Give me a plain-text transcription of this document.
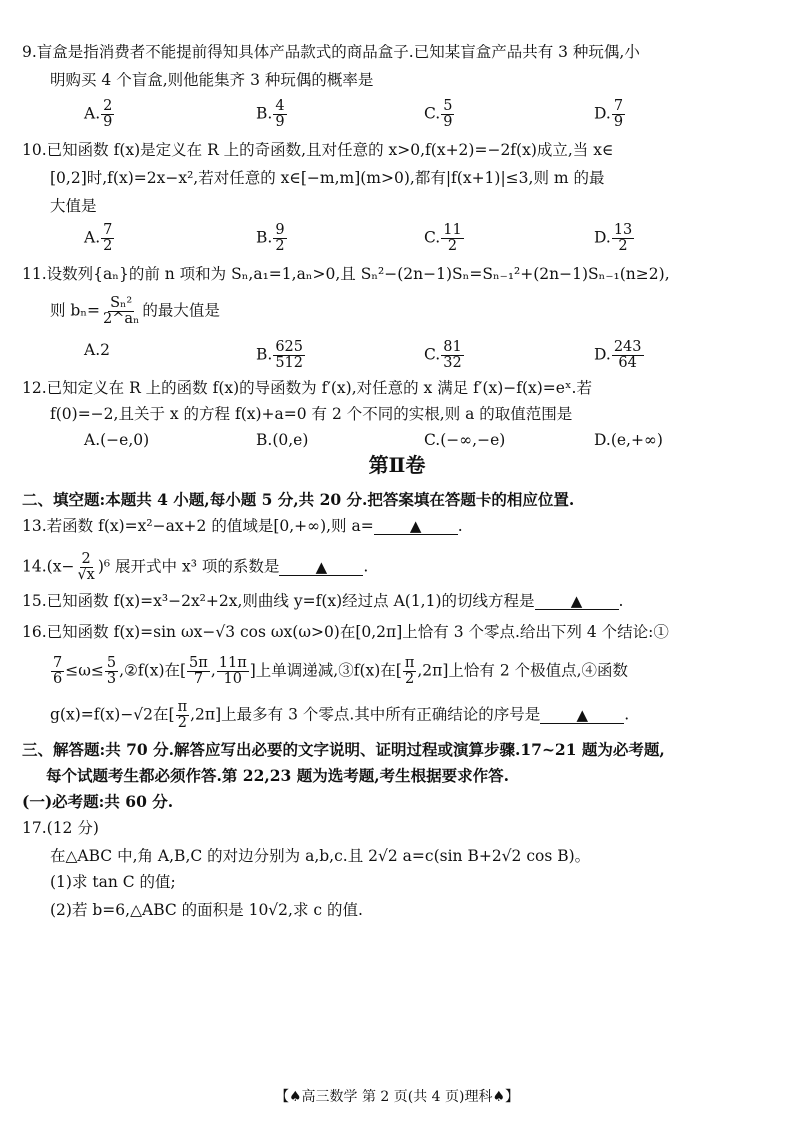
9.盲盒是指消费者不能提前得知具体产品款式的商品盒子.已知某盲盒产品共有 3 种玩偶,小
明购买 4 个盲盒,则他能集齐 3 种玩偶的概率是
A. $\frac{2}{9}$	B. $\frac{4}{9}$	C. $\frac{5}{9}$	D. $\frac{7}{9}$
10.已知函数 f(x)是定义在 R 上的奇函数,且对任意的 x>0,f(x+2)=−2f(x)成立,当 x∈
[0,2]时,f(x)=2x−x²,若对任意的 x∈[−m,m](m>0),都有|f(x+1)|≤3,则 m 的最
大值是
A. $\frac{7}{2}$	B. $\frac{9}{2}$	C. $\frac{11}{2}$	D. $\frac{13}{2}$
11.设数列{aₙ}的前 n 项和为 Sₙ,a₁=1,aₙ>0,且 Sₙ²−(2n−1)Sₙ=Sₙ₋₁²+(2n−1)Sₙ₋₁(n≥2),
则 $b_n= \frac{\text{Sₙ²}}{\text{2\textasciicircum{}aₙ}}$ 的最大值是
A.2	B. $\frac{625}{512}$	C. $\frac{81}{32}$	D. $\frac{243}{64}$
12.已知定义在 R 上的函数 f(x)的导函数为 f′(x),对任意的 x 满足 f′(x)−f(x)=eˣ.若
f(0)=−2,且关于 x 的方程 f(x)+a=0 有 2 个不同的实根,则 a 的取值范围是
A.(−e,0)	B.(0,e)	C.(−∞,−e)	D.(e,+∞)
第Ⅱ卷
二、填空题:本题共 4 小题,每小题 5 分,共 20 分.把答案填在答题卡的相应位置.
13.若函数 f(x)=x²−ax+2 的值域是[0,+∞),则 a= ▲ .
$14.(x- \frac{2}{√x} )^6$ 展开式中 x³ 项的系数是 ▲ .
15.已知函数 f(x)=x³−2x²+2x,则曲线 y=f(x)经过点 A(1,1)的切线方程是 ▲ .
16.已知函数 f(x)=sin ωx−√3 cos ωx(ω>0)在[0,2π]上恰有 3 个零点.给出下列 4 个结论:①
$\frac{7}{6} \le\omega\le \frac{5}{3}$ ,②f(x)在[ $\frac{5\pi}{7}$ , $\frac{11\pi}{10}$ ]上单调递减,③f(x)在[ $\frac{\pi}{2} ,2\pi$]上恰有 2 个极值点,④函数
g(x)=f(x)−√2在[ $\frac{\pi}{2} ,2\pi$]上最多有 3 个零点.其中所有正确结论的序号是 ▲ .
三、解答题:共 70 分.解答应写出必要的文字说明、证明过程或演算步骤.17~21 题为必考题,
每个试题考生都必须作答.第 22,23 题为选考题,考生根据要求作答.
(一)必考题:共 60 分.
17.(12 分)
在△ABC 中,角 A,B,C 的对边分别为 a,b,c.且 2√2 a=c(sin B+2√2 cos B)。
(1)求 tan C 的值;
(2)若 b=6,△ABC 的面积是 10√2,求 c 的值.
【♠高三数学 第 2 页(共 4 页)理科♠】
